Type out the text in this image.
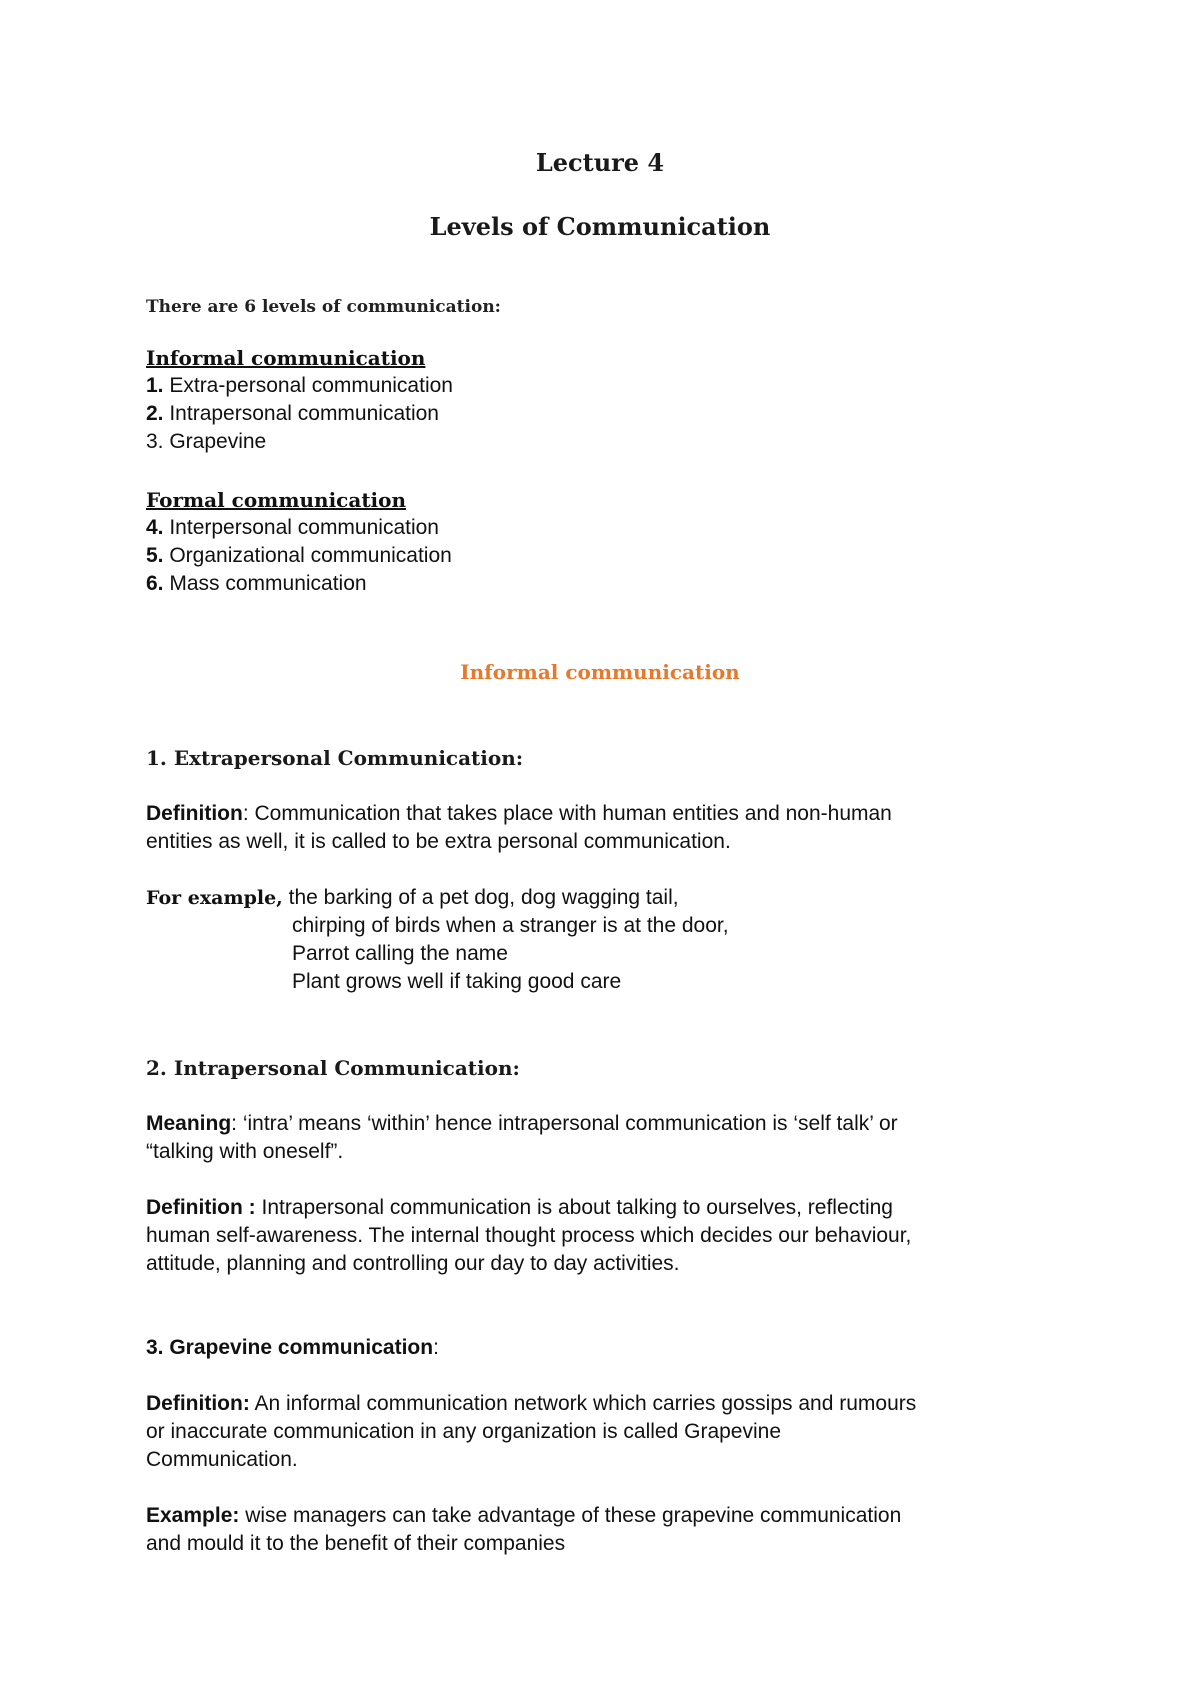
Lecture 4
Levels of Communication
There are 6 levels of communication:
Informal communication
1. Extra-personal communication
2. Intrapersonal communication
3. Grapevine
Formal communication
4. Interpersonal communication
5. Organizational communication
6. Mass communication
Informal communication
1. Extrapersonal Communication:
Definition: Communication that takes place with human entities and non-human
entities as well, it is called to be extra personal communication.
For example, the barking of a pet dog, dog wagging tail,
chirping of birds when a stranger is at the door,
Parrot calling the name
Plant grows well if taking good care
2. Intrapersonal Communication:
Meaning: ‘intra’ means ‘within’ hence intrapersonal communication is ‘self talk’ or
“talking with oneself”.
Definition : Intrapersonal communication is about talking to ourselves, reflecting
human self-awareness. The internal thought process which decides our behaviour,
attitude, planning and controlling our day to day activities.
3. Grapevine communication:
Definition: An informal communication network which carries gossips and rumours
or inaccurate communication in any organization is called Grapevine
Communication.
Example: wise managers can take advantage of these grapevine communication
and mould it to the benefit of their companies
